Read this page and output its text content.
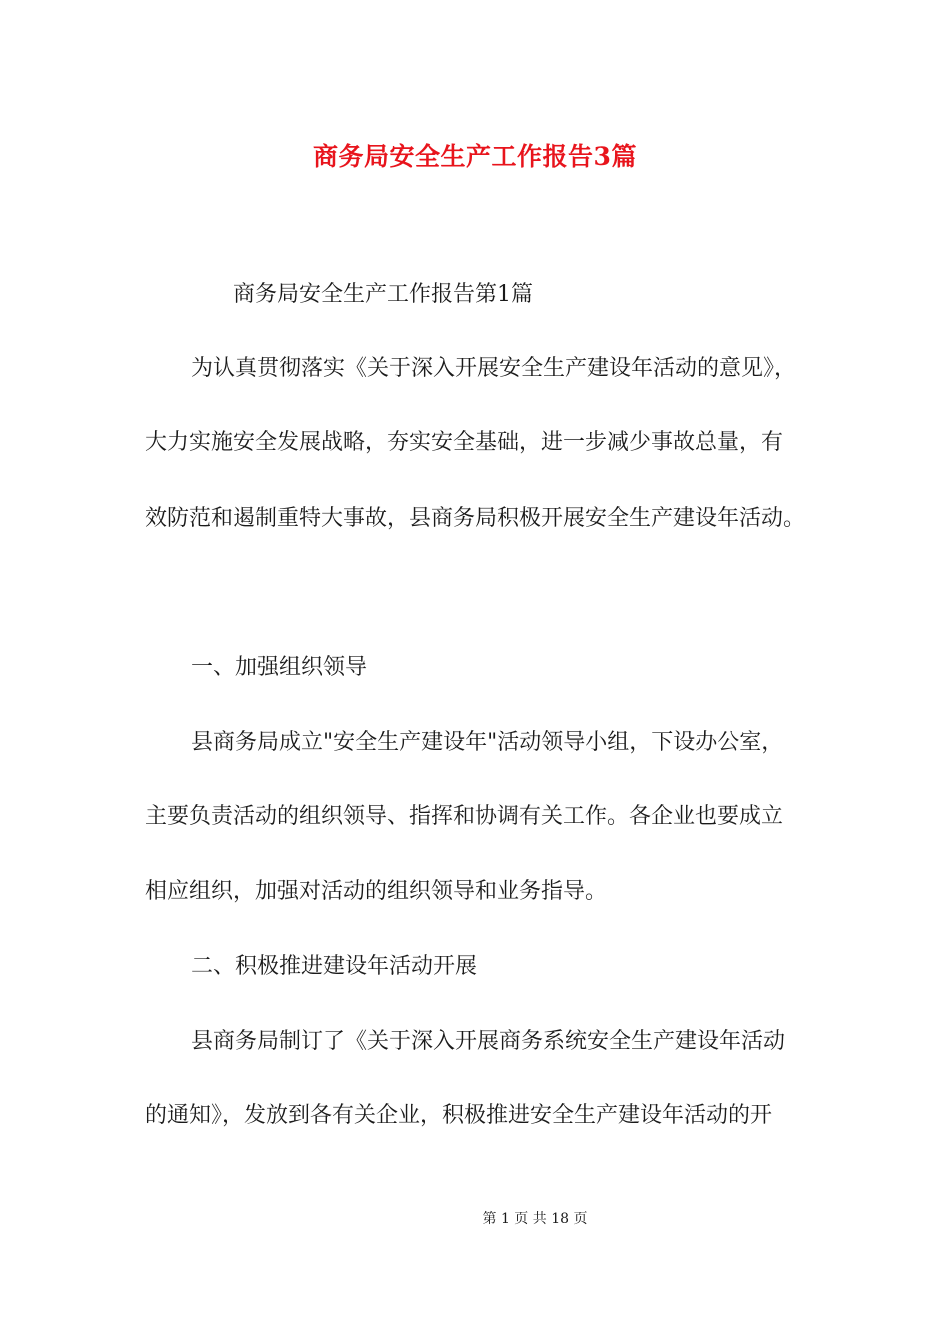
商务局安全生产工作报告3篇
商务局安全生产工作报告第1篇
为认真贯彻落实《关于深入开展安全生产建设年活动的意见》，
大力实施安全发展战略，夯实安全基础，进一步减少事故总量，有
效防范和遏制重特大事故，县商务局积极开展安全生产建设年活动。
一、加强组织领导
县商务局成立"安全生产建设年"活动领导小组，下设办公室，
主要负责活动的组织领导、指挥和协调有关工作。各企业也要成立
相应组织，加强对活动的组织领导和业务指导。
二、积极推进建设年活动开展
县商务局制订了《关于深入开展商务系统安全生产建设年活动
的通知》，发放到各有关企业，积极推进安全生产建设年活动的开
第 1 页 共 18 页
